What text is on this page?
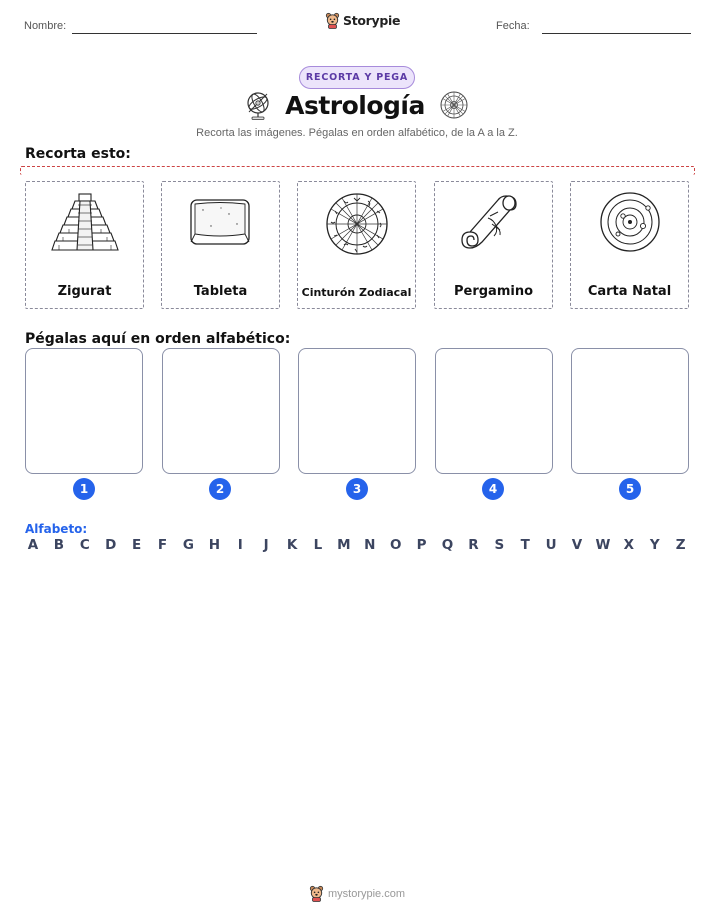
Nombre:	Storypie	Fecha:
RECORTA Y PEGA
Astrología
Recorta las imágenes. Pégalas en orden alfabético, de la A a la Z.
Recorta esto:
Zigurat	Tableta	Cinturón Zodiacal	Pergamino	Carta Natal
Pégalas aquí en orden alfabético:
1	2	3	4	5
Alfabeto:
A B C D E F G H	I	J	K L M N O P Q R S T U V W X Y Z
mystorypie.com
